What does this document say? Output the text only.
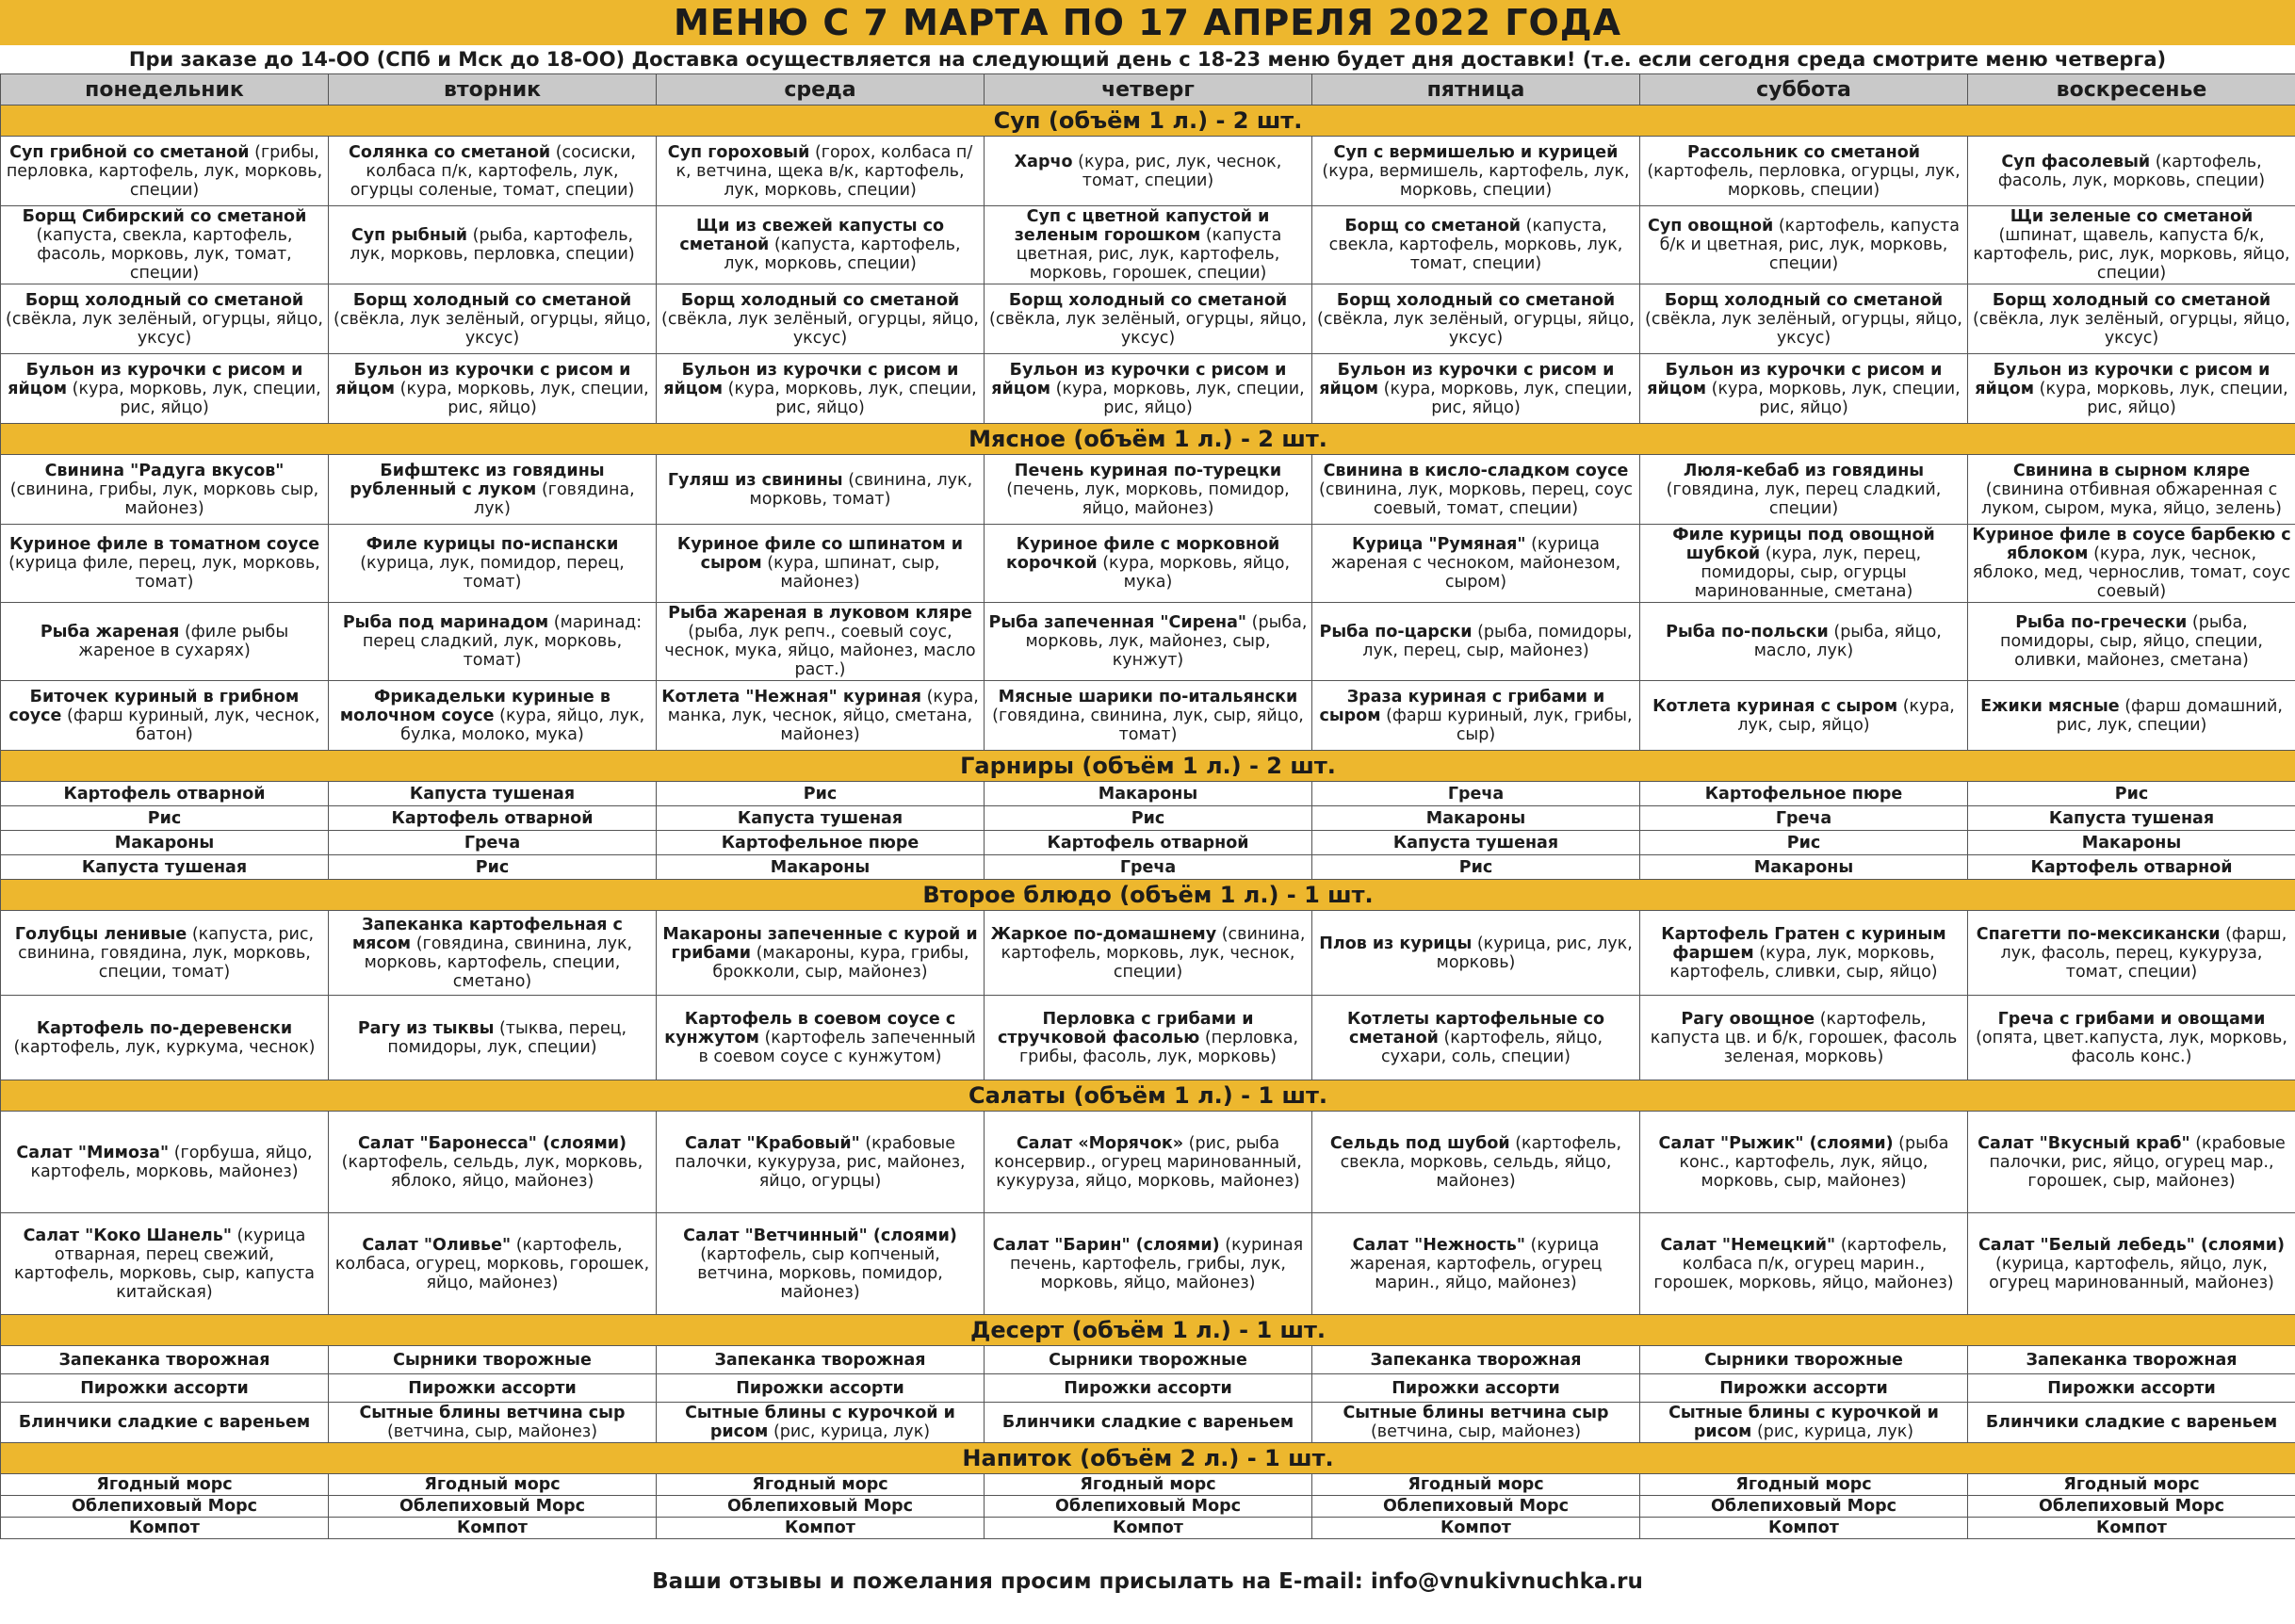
МЕНЮ С 7 МАРТА ПО 17 АПРЕЛЯ 2022 ГОДА
При заказе до 14-ОО (СПб и Мск до 18-ОО) Доставка осуществляется на следующий день с 18-23 меню будет дня доставки! (т.е. если сегодня среда смотрите меню четверга)
понедельник	вторник	среда	четверг	пятница	суббота	воскресенье
Суп (объём 1 л.) - 2 шт.						
Суп грибной со сметаной (грибы, перловка, картофель, лук, морковь, специи)	Солянка со сметаной (сосиски, колбаса п/к, картофель, лук, огурцы соленые, томат, специи)	Суп гороховый (горох, колбаса п/к, ветчина, щека в/к, картофель, лук, морковь, специи)	Харчо (кура, рис, лук, чеснок, томат, специи)	Суп с вермишелью и курицей (кура, вермишель, картофель, лук, морковь, специи)	Рассольник со сметаной (картофель, перловка, огурцы, лук, морковь, специи)	Суп фасолевый (картофель, фасоль, лук, морковь, специи)
Борщ Сибирский со сметаной (капуста, свекла, картофель, фасоль, морковь, лук, томат, специи)	Суп рыбный (рыба, картофель, лук, морковь, перловка, специи)	Щи из свежей капусты со сметаной (капуста, картофель, лук, морковь, специи)	Суп с цветной капустой и зеленым горошком (капуста цветная, рис, лук, картофель, морковь, горошек, специи)	Борщ со сметаной (капуста, свекла, картофель, морковь, лук, томат, специи)	Суп овощной (картофель, капуста б/к и цветная, рис, лук, морковь, специи)	Щи зеленые со сметаной (шпинат, щавель, капуста б/к, картофель, рис, лук, морковь, яйцо, специи)
Борщ холодный со сметаной (свёкла, лук зелёный, огурцы, яйцо, уксус)	Борщ холодный со сметаной (свёкла, лук зелёный, огурцы, яйцо, уксус)	Борщ холодный со сметаной (свёкла, лук зелёный, огурцы, яйцо, уксус)	Борщ холодный со сметаной (свёкла, лук зелёный, огурцы, яйцо, уксус)	Борщ холодный со сметаной (свёкла, лук зелёный, огурцы, яйцо, уксус)	Борщ холодный со сметаной (свёкла, лук зелёный, огурцы, яйцо, уксус)	Борщ холодный со сметаной (свёкла, лук зелёный, огурцы, яйцо, уксус)
Бульон из курочки с рисом и яйцом (кура, морковь, лук, специи, рис, яйцо)	Бульон из курочки с рисом и яйцом (кура, морковь, лук, специи, рис, яйцо)	Бульон из курочки с рисом и яйцом (кура, морковь, лук, специи, рис, яйцо)	Бульон из курочки с рисом и яйцом (кура, морковь, лук, специи, рис, яйцо)	Бульон из курочки с рисом и яйцом (кура, морковь, лук, специи, рис, яйцо)	Бульон из курочки с рисом и яйцом (кура, морковь, лук, специи, рис, яйцо)	Бульон из курочки с рисом и яйцом (кура, морковь, лук, специи, рис, яйцо)
Мясное (объём 1 л.) - 2 шт.						
Свинина "Радуга вкусов" (свинина, грибы, лук, морковь сыр, майонез)	Бифштекс из говядины рубленный с луком (говядина, лук)	Гуляш из свинины (свинина, лук, морковь, томат)	Печень куриная по-турецки (печень, лук, морковь, помидор, яйцо, майонез)	Свинина в кисло-сладком соусе (свинина, лук, морковь, перец, соус соевый, томат, специи)	Люля-кебаб из говядины (говядина, лук, перец сладкий, специи)	Свинина в сырном кляре (свинина отбивная обжаренная с луком, сыром, мука, яйцо, зелень)
Куриное филе в томатном соусе (курица филе, перец, лук, морковь, томат)	Филе курицы по-испански (курица, лук, помидор, перец, томат)	Куриное филе со шпинатом и сыром (кура, шпинат, сыр, майонез)	Куриное филе с морковной корочкой (кура, морковь, яйцо, мука)	Курица "Румяная" (курица жареная с чесноком, майонезом, сыром)	Филе курицы под овощной шубкой (кура, лук, перец, помидоры, сыр, огурцы маринованные, сметана)	Куриное филе в соусе барбекю с яблоком (кура, лук, чеснок, яблоко, мед, чернослив, томат, соус соевый)
Рыба жареная (филе рыбы жареное в сухарях)	Рыба под маринадом (маринад: перец сладкий, лук, морковь, томат)	Рыба жареная в луковом кляре (рыба, лук репч., соевый соус, чеснок, мука, яйцо, майонез, масло раст.)	Рыба запеченная "Сирена" (рыба, морковь, лук, майонез, сыр, кунжут)	Рыба по-царски (рыба, помидоры, лук, перец, сыр, майонез)	Рыба по-польски (рыба, яйцо, масло, лук)	Рыба по-гречески (рыба, помидоры, сыр, яйцо, специи, оливки, майонез, сметана)
Биточек куриный в грибном соусе (фарш куриный, лук, чеснок, батон)	Фрикадельки куриные в молочном соусе (кура, яйцо, лук, булка, молоко, мука)	Котлета "Нежная" куриная (кура, манка, лук, чеснок, яйцо, сметана, майонез)	Мясные шарики по-итальянски (говядина, свинина, лук, сыр, яйцо, томат)	Зраза куриная с грибами и сыром (фарш куриный, лук, грибы, сыр)	Котлета куриная с сыром (кура, лук, сыр, яйцо)	Ежики мясные (фарш домашний, рис, лук, специи)
Гарниры (объём 1 л.) - 2 шт.						
Картофель отварной	Капуста тушеная	Рис	Макароны	Греча	Картофельное пюре	Рис
Рис	Картофель отварной	Капуста тушеная	Рис	Макароны	Греча	Капуста тушеная
Макароны	Греча	Картофельное пюре	Картофель отварной	Капуста тушеная	Рис	Макароны
Капуста тушеная	Рис	Макароны	Греча	Рис	Макароны	Картофель отварной
Второе блюдо (объём 1 л.) - 1 шт.						
Голубцы ленивые (капуста, рис, свинина, говядина, лук, морковь, специи, томат)	Запеканка картофельная с мясом (говядина, свинина, лук, морковь, картофель, специи, сметано)	Макароны запеченные с курой и грибами (макароны, кура, грибы, брокколи, сыр, майонез)	Жаркое по-домашнему (свинина, картофель, морковь, лук, чеснок, специи)	Плов из курицы (курица, рис, лук, морковь)	Картофель Гратен с куриным фаршем (кура, лук, морковь, картофель, сливки, сыр, яйцо)	Спагетти по-мексикански (фарш, лук, фасоль, перец, кукуруза, томат, специи)
Картофель по-деревенски (картофель, лук, куркума, чеснок)	Рагу из тыквы (тыква, перец, помидоры, лук, специи)	Картофель в соевом соусе с кунжутом (картофель запеченный в соевом соусе с кунжутом)	Перловка с грибами и стручковой фасолью (перловка, грибы, фасоль, лук, морковь)	Котлеты картофельные со сметаной (картофель, яйцо, сухари, соль, специи)	Рагу овощное (картофель, капуста цв. и б/к, горошек, фасоль зеленая, морковь)	Греча с грибами и овощами (опята, цвет.капуста, лук, морковь, фасоль конс.)
Салаты (объём 1 л.) - 1 шт.						
Салат "Мимоза" (горбуша, яйцо, картофель, морковь, майонез)	Салат "Баронесса" (слоями) (картофель, сельдь, лук, морковь, яблоко, яйцо, майонез)	Салат "Крабовый" (крабовые палочки, кукуруза, рис, майонез, яйцо, огурцы)	Салат «Морячок» (рис, рыба консервир., огурец маринованный, кукуруза, яйцо, морковь, майонез)	Сельдь под шубой (картофель, свекла, морковь, сельдь, яйцо, майонез)	Салат "Рыжик" (слоями) (рыба конс., картофель, лук, яйцо, морковь, сыр, майонез)	Салат "Вкусный краб" (крабовые палочки, рис, яйцо, огурец мар., горошек, сыр, майонез)
Салат "Коко Шанель" (курица отварная, перец свежий, картофель, морковь, сыр, капуста китайская)	Салат "Оливье" (картофель, колбаса, огурец, морковь, горошек, яйцо, майонез)	Салат "Ветчинный" (слоями) (картофель, сыр копченый, ветчина, морковь, помидор, майонез)	Салат "Барин" (слоями) (куриная печень, картофель, грибы, лук, морковь, яйцо, майонез)	Салат "Нежность" (курица жареная, картофель, огурец марин., яйцо, майонез)	Салат "Немецкий" (картофель, колбаса п/к, огурец марин., горошек, морковь, яйцо, майонез)	Салат "Белый лебедь" (слоями) (курица, картофель, яйцо, лук, огурец маринованный, майонез)
Десерт (объём 1 л.) - 1 шт.						
Запеканка творожная	Сырники творожные	Запеканка творожная	Сырники творожные	Запеканка творожная	Сырники творожные	Запеканка творожная
Пирожки ассорти	Пирожки ассорти	Пирожки ассорти	Пирожки ассорти	Пирожки ассорти	Пирожки ассорти	Пирожки ассорти
Блинчики сладкие с вареньем	Сытные блины ветчина сыр (ветчина, сыр, майонез)	Сытные блины с курочкой и рисом (рис, курица, лук)	Блинчики сладкие с вареньем	Сытные блины ветчина сыр (ветчина, сыр, майонез)	Сытные блины с курочкой и рисом (рис, курица, лук)	Блинчики сладкие с вареньем
Напиток (объём 2 л.) - 1 шт.						
Ягодный морс	Ягодный морс	Ягодный морс	Ягодный морс	Ягодный морс	Ягодный морс	Ягодный морс
Облепиховый Морс	Облепиховый Морс	Облепиховый Морс	Облепиховый Морс	Облепиховый Морс	Облепиховый Морс	Облепиховый Морс
Компот	Компот	Компот	Компот	Компот	Компот	Компот
Ваши отзывы и пожелания просим присылать на E-mail: info@vnukivnuchka.ru
